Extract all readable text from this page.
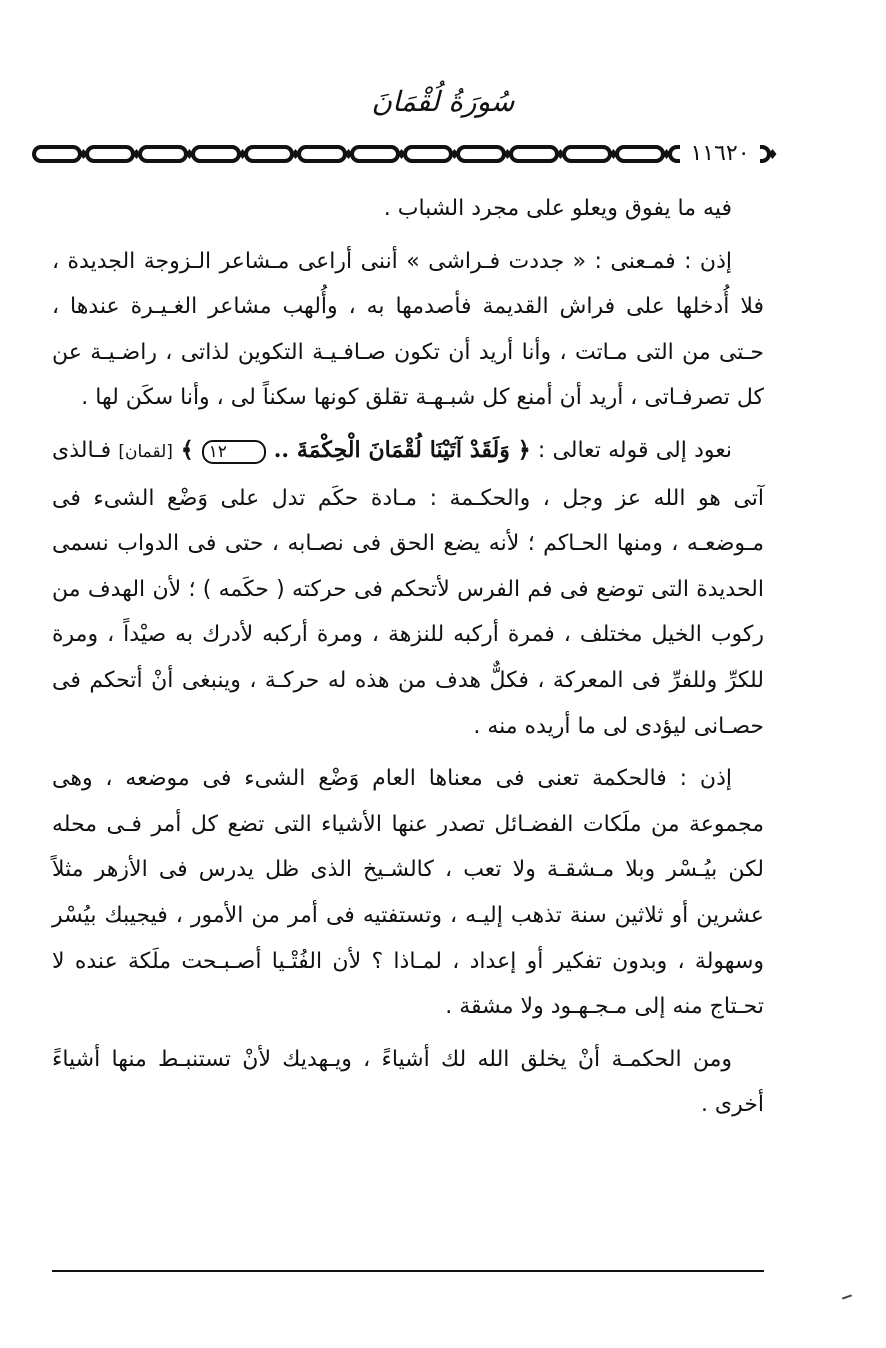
سُورَةُ لُقْمَانَ
١١٦٢٠

فيه ما يفوق ويعلو على مجرد الشباب .

إذن : فمـعنى : « جددت فـراشى » أننى أراعى مـشاعر الـزوجة الجديدة ، فلا أُدخلها على فراش القديمة فأصدمها به ، وأُلهب مشاعر الغـيـرة عندها ، حـتى من التى مـاتت ، وأنا أريد أن تكون صـافـيـة التكوين لذاتى ، راضـيـة عن كل تصرفـاتى ، أريد أن أمنع كل شبـهـة تقلق كونها سكناً لى ، وأنا سكَن لها .

نعود إلى قوله تعالى : ﴿ وَلَقَدْ آتَيْنَا لُقْمَانَ الْحِكْمَةَ .. ١٢ ﴾ [لقمان] فـالذى آتى هو الله عز وجل ، والحكـمة : مـادة حكَم تدل على وَضْع الشىء فى مـوضعـه ، ومنها الحـاكم ؛ لأنه يضع الحق فى نصـابه ، حتى فى الدواب نسمى الحديدة التى توضع فى فم الفرس لأتحكم فى حركته ( حكَمه ) ؛ لأن الهدف من ركوب الخيل مختلف ، فمرة أركبه للنزهة ، ومرة أركبه لأدرك به صيْداً ، ومرة للكرِّ وللفرِّ فى المعركة ، فكلٌّ هدف من هذه له حركـة ، وينبغى أنْ أتحكم فى حصـانى ليؤدى لى ما أريده منه .

إذن : فالحكمة تعنى فى معناها العام وَضْع الشىء فى موضعه ، وهى مجموعة من ملَكات الفضـائل تصدر عنها الأشياء التى تضع كل أمر فـى محله لكن بيُـسْر وبلا مـشقـة ولا تعب ، كالشـيخ الذى ظل يدرس فى الأزهر مثلاً عشرين أو ثلاثين سنة تذهب إليـه ، وتستفتيه فى أمر من الأمور ، فيجيبك بيُسْر وسهولة ، وبدون تفكير أو إعداد ، لمـاذا ؟ لأن الفُتْـيا أصـبـحت ملَكة عنده لا تحـتاج منه إلى مـجـهـود ولا مشقة .

ومن الحكمـة أنْ يخلق الله لك أشياءً ، ويـهديك لأنْ تستنبـط منها أشياءً أخرى .
